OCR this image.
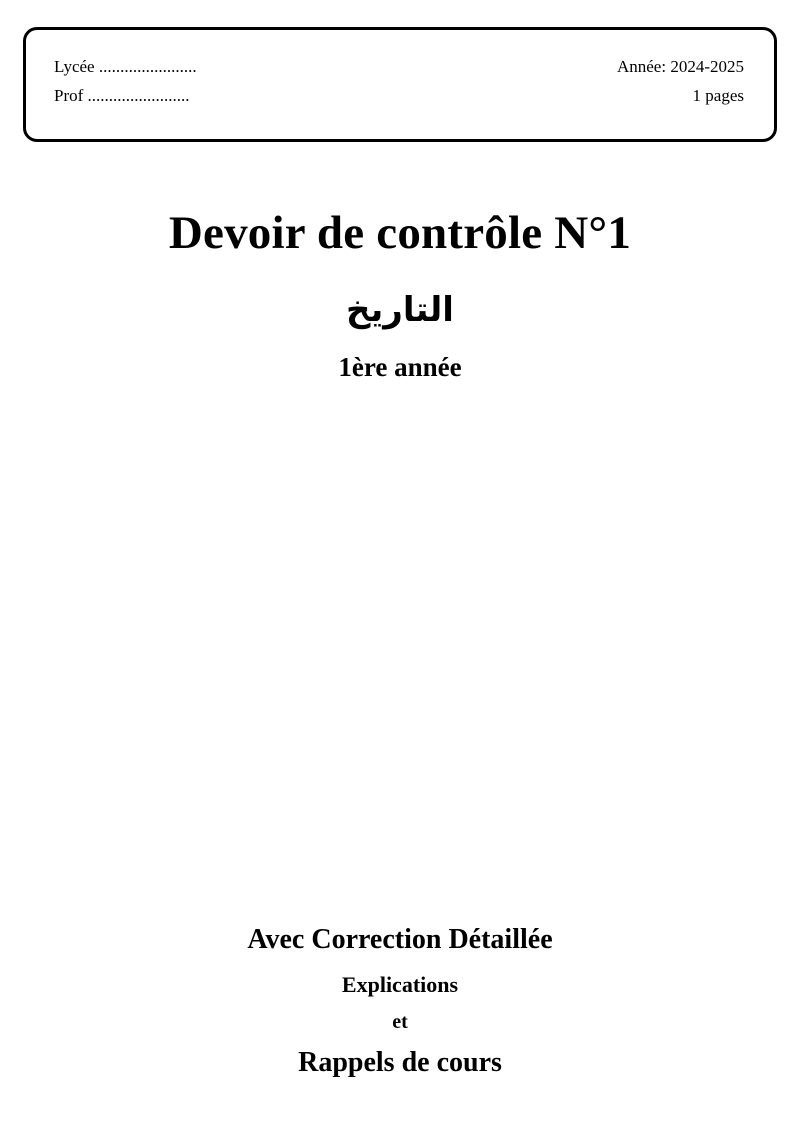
Lycée .......................
Prof ........................
Année: 2024-2025
1 pages
Devoir de contrôle N°1
التاريخ
1ère année
Avec Correction Détaillée
Explications
et
Rappels de cours
